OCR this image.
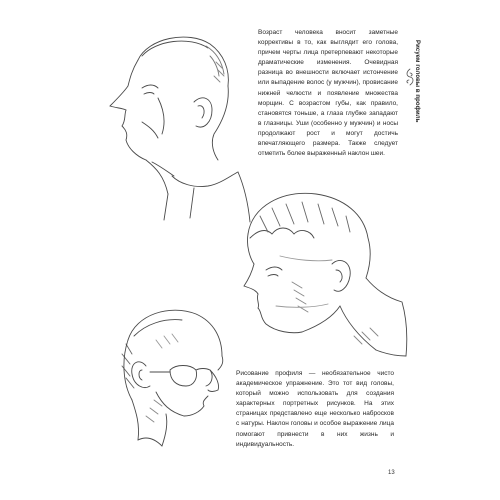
Возраст человека вносит заметные коррективы в то, как выглядит его голова, причем черты лица претерпевают некоторые драматические изменения. Очевидная разница во внешности включает истончение или выпадение волос (у мужчин), провисание нижней челюсти и появление множества морщин. С возрастом губы, как правило, становятся тоньше, а глаза глубже западают в глазницы. Уши (особенно у мужчин) и носы продолжают рост и могут достичь впечатляющего размера. Также следует отметить более выраженный наклон шеи.

Рисование профиля — необязательное чисто академическое упражнение. Это тот вид головы, который можно использовать для создания характерных портретных рисунков. На этих страницах представлено еще несколько набросков с натуры. Наклон головы и особое выражение лица помогают привнести в них жизнь и индивидуальность.

Рисуем головы в профиль
13
